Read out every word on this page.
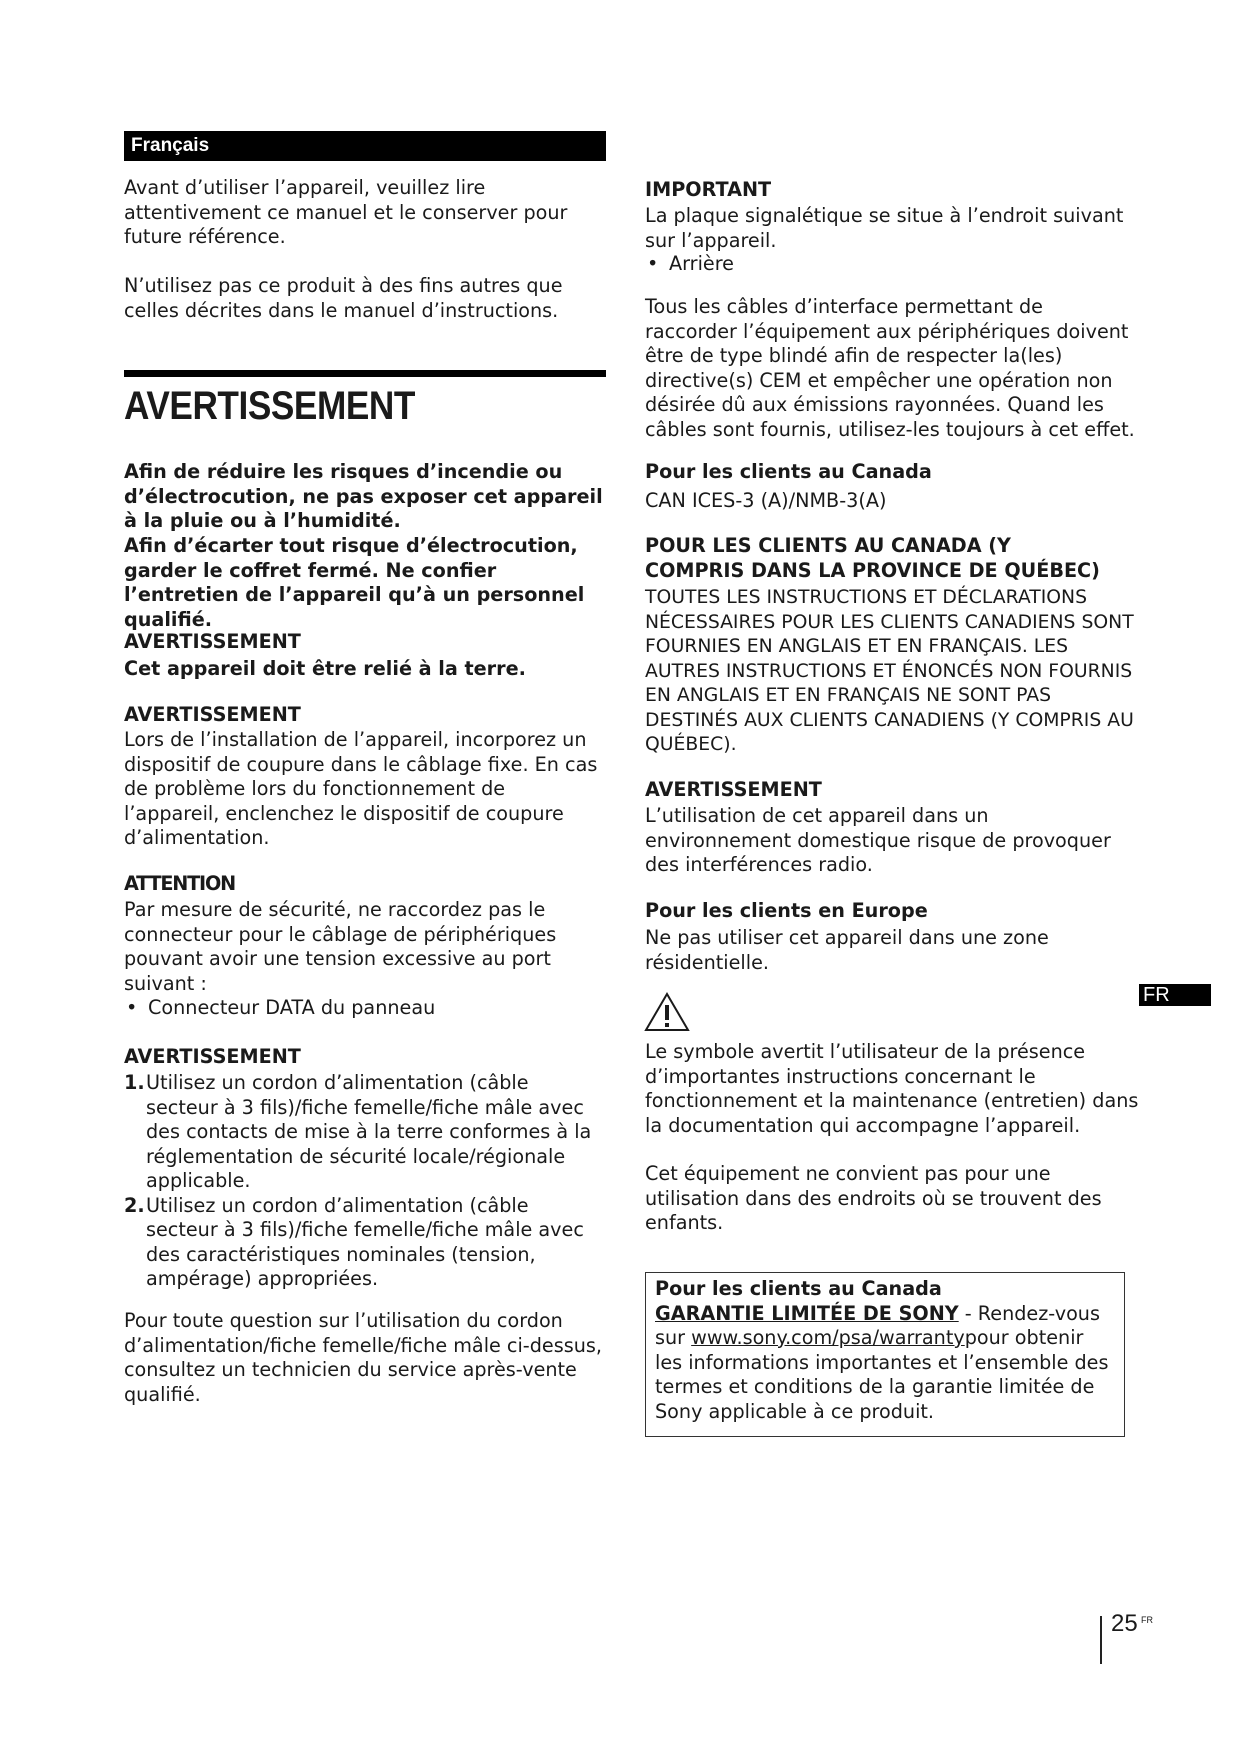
Français

Avant d’utiliser l’appareil, veuillez lire attentivement ce manuel et le conserver pour future référence.

N’utilisez pas ce produit à des fins autres que celles décrites dans le manuel d’instructions.

AVERTISSEMENT

Afin de réduire les risques d’incendie ou d’électrocution, ne pas exposer cet appareil à la pluie ou à l’humidité.

Afin d’écarter tout risque d’électrocution, garder le coffret fermé. Ne confier l’entretien de l’appareil qu’à un personnel qualifié.

AVERTISSEMENT

Cet appareil doit être relié à la terre.

AVERTISSEMENT

Lors de l’installation de l’appareil, incorporez un dispositif de coupure dans le câblage fixe. En cas de problème lors du fonctionnement de l’appareil, enclenchez le dispositif de coupure d’alimentation.

ATTENTION

Par mesure de sécurité, ne raccordez pas le connecteur pour le câblage de périphériques pouvant avoir une tension excessive au port suivant :

• Connecteur DATA du panneau

AVERTISSEMENT

1. Utilisez un cordon d’alimentation (câble secteur à 3 fils)/fiche femelle/fiche mâle avec des contacts de mise à la terre conformes à la réglementation de sécurité locale/régionale applicable.
2. Utilisez un cordon d’alimentation (câble secteur à 3 fils)/fiche femelle/fiche mâle avec des caractéristiques nominales (tension, ampérage) appropriées.

Pour toute question sur l’utilisation du cordon d’alimentation/fiche femelle/fiche mâle ci-dessus, consultez un technicien du service après-vente qualifié.

IMPORTANT

La plaque signalétique se situe à l’endroit suivant sur l’appareil.

• Arrière

Tous les câbles d’interface permettant de raccorder l’équipement aux périphériques doivent être de type blindé afin de respecter la(les) directive(s) CEM et empêcher une opération non désirée dû aux émissions rayonnées. Quand les câbles sont fournis, utilisez-les toujours à cet effet.

Pour les clients au Canada

CAN ICES-3 (A)/NMB-3(A)

POUR LES CLIENTS AU CANADA (Y COMPRIS DANS LA PROVINCE DE QUÉBEC)

TOUTES LES INSTRUCTIONS ET DÉCLARATIONS NÉCESSAIRES POUR LES CLIENTS CANADIENS SONT FOURNIES EN ANGLAIS ET EN FRANÇAIS. LES AUTRES INSTRUCTIONS ET ÉNONCÉS NON FOURNIS EN ANGLAIS ET EN FRANÇAIS NE SONT PAS DESTINÉS AUX CLIENTS CANADIENS (Y COMPRIS AU QUÉBEC).

AVERTISSEMENT

L’utilisation de cet appareil dans un environnement domestique risque de provoquer des interférences radio.

Pour les clients en Europe

Ne pas utiliser cet appareil dans une zone résidentielle.

Le symbole avertit l’utilisateur de la présence d’importantes instructions concernant le fonctionnement et la maintenance (entretien) dans la documentation qui accompagne l’appareil.

Cet équipement ne convient pas pour une utilisation dans des endroits où se trouvent des enfants.

Pour les clients au Canada

GARANTIE LIMITÉE DE SONY - Rendez-vous sur www.sony.com/psa/warrantypour obtenir les informations importantes et l’ensemble des termes et conditions de la garantie limitée de Sony applicable à ce produit.

FR
25 FR
